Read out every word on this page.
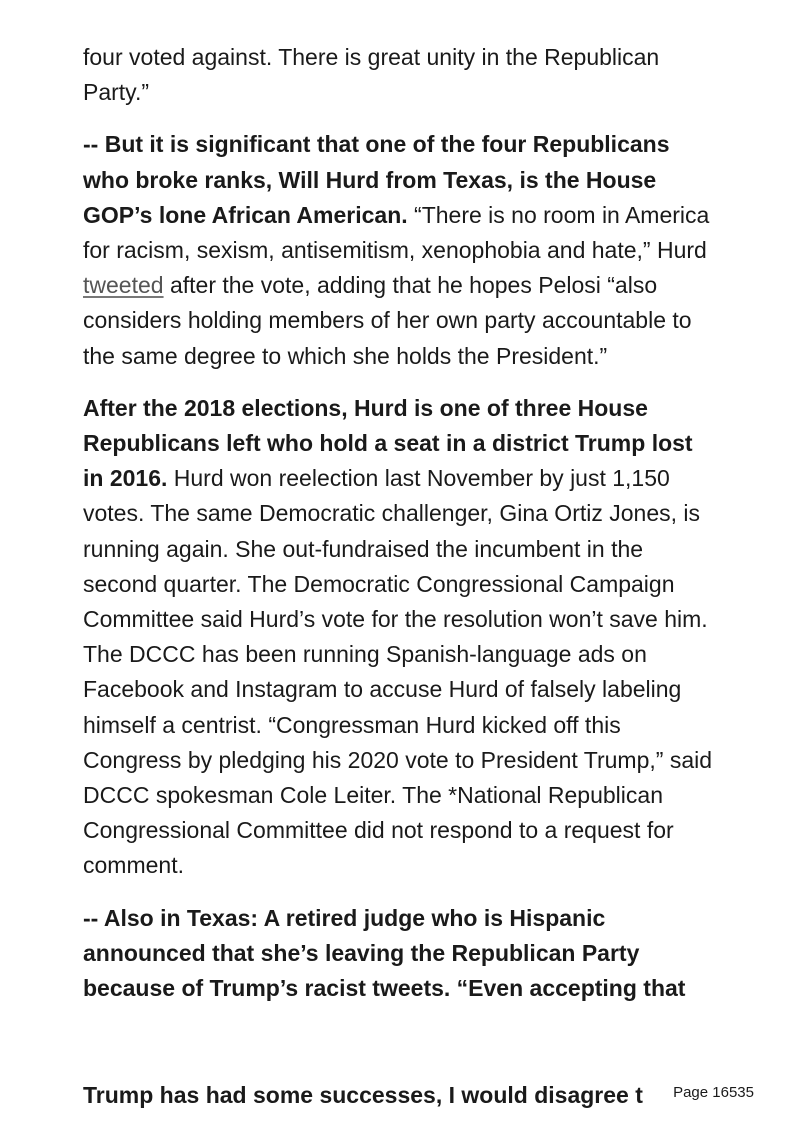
four voted against. There is great unity in the Republican Party.”

-- But it is significant that one of the four Republicans who broke ranks, Will Hurd from Texas, is the House GOP’s lone African American. “There is no room in America for racism, sexism, antisemitism, xenophobia and hate,” Hurd tweeted after the vote, adding that he hopes Pelosi “also considers holding members of her own party accountable to the same degree to which she holds the President.”

After the 2018 elections, Hurd is one of three House Republicans left who hold a seat in a district Trump lost in 2016. Hurd won reelection last November by just 1,150 votes. The same Democratic challenger, Gina Ortiz Jones, is running again. She out-fundraised the incumbent in the second quarter. The Democratic Congressional Campaign Committee said Hurd’s vote for the resolution won’t save him. The DCCC has been running Spanish-language ads on Facebook and Instagram to accuse Hurd of falsely labeling himself a centrist. “Congressman Hurd kicked off this Congress by pledging his 2020 vote to President Trump,” said DCCC spokesman Cole Leiter. The *National Republican Congressional Committee did not respond to a request for comment.

-- Also in Texas: A retired judge who is Hispanic announced that she’s leaving the Republican Party because of Trump’s racist tweets. “Even accepting that

Trump has had some successes, I would disagree t	Page 16535
